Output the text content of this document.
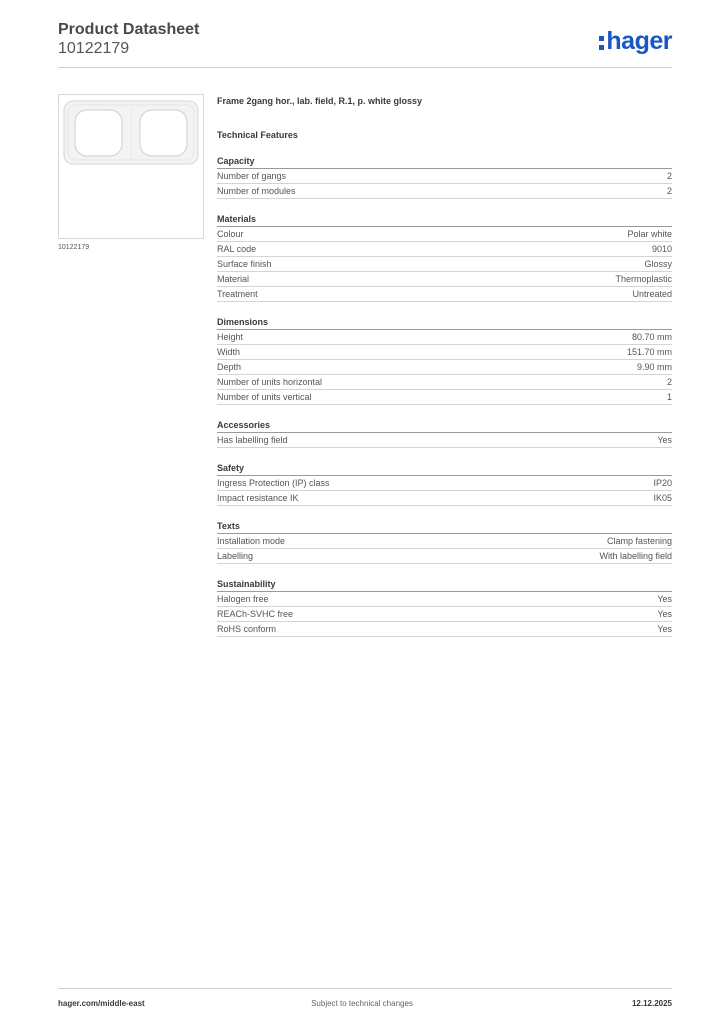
Product Datasheet
10122179	hager
10122179
Frame 2gang hor., lab. field, R.1, p. white glossy
Technical Features
Capacity
Number of gangs	2
Number of modules	2
Materials
Colour	Polar white
RAL code	9010
Surface finish	Glossy
Material	Thermoplastic
Treatment	Untreated
Dimensions
Height	80.70 mm
Width	151.70 mm
Depth	9.90 mm
Number of units horizontal	2
Number of units vertical	1
Accessories
Has labelling field	Yes
Safety
Ingress Protection (IP) class	IP20
Impact resistance IK	IK05
Texts
Installation mode	Clamp fastening
Labelling	With labelling field
Sustainability
Halogen free	Yes
REACh-SVHC free	Yes
RoHS conform	Yes
hager.com/middle-east	Subject to technical changes	12.12.2025
